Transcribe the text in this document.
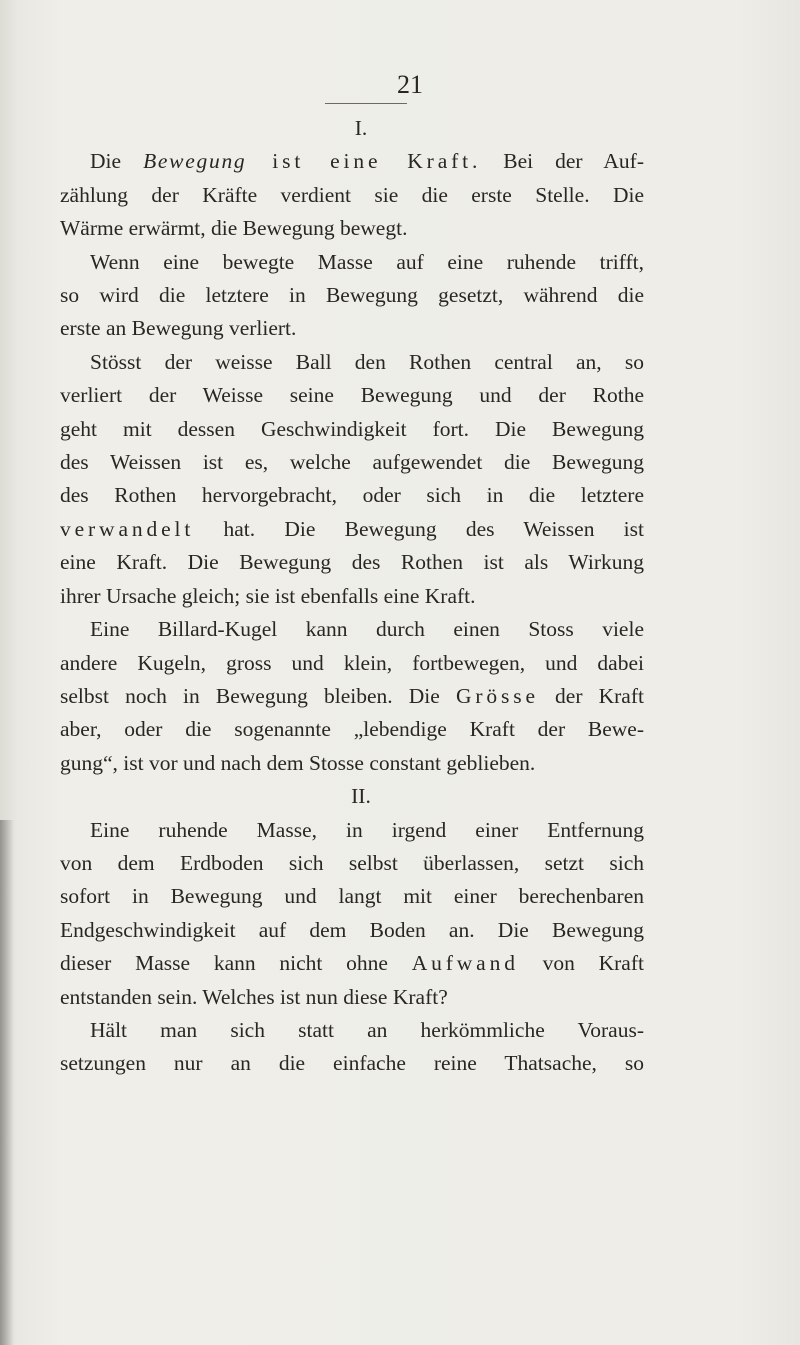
21
I.
Die Bewegung ist eine Kraft. Bei der Auf-
zählung der Kräfte verdient sie die erste Stelle. Die
Wärme erwärmt, die Bewegung bewegt.
Wenn eine bewegte Masse auf eine ruhende trifft,
so wird die letztere in Bewegung gesetzt, während die
erste an Bewegung verliert.
Stösst der weisse Ball den Rothen central an, so
verliert der Weisse seine Bewegung und der Rothe
geht mit dessen Geschwindigkeit fort. Die Bewegung
des Weissen ist es, welche aufgewendet die Bewegung
des Rothen hervorgebracht, oder sich in die letztere
verwandelt hat. Die Bewegung des Weissen ist
eine Kraft. Die Bewegung des Rothen ist als Wirkung
ihrer Ursache gleich; sie ist ebenfalls eine Kraft.
Eine Billard-Kugel kann durch einen Stoss viele
andere Kugeln, gross und klein, fortbewegen, und dabei
selbst noch in Bewegung bleiben. Die Grösse der Kraft
aber, oder die sogenannte „lebendige Kraft der Bewe-
gung“, ist vor und nach dem Stosse constant geblieben.
II.
Eine ruhende Masse, in irgend einer Entfernung
von dem Erdboden sich selbst überlassen, setzt sich
sofort in Bewegung und langt mit einer berechenbaren
Endgeschwindigkeit auf dem Boden an. Die Bewegung
dieser Masse kann nicht ohne Aufwand von Kraft
entstanden sein. Welches ist nun diese Kraft?
Hält man sich statt an herkömmliche Voraus-
setzungen nur an die einfache reine Thatsache, so
